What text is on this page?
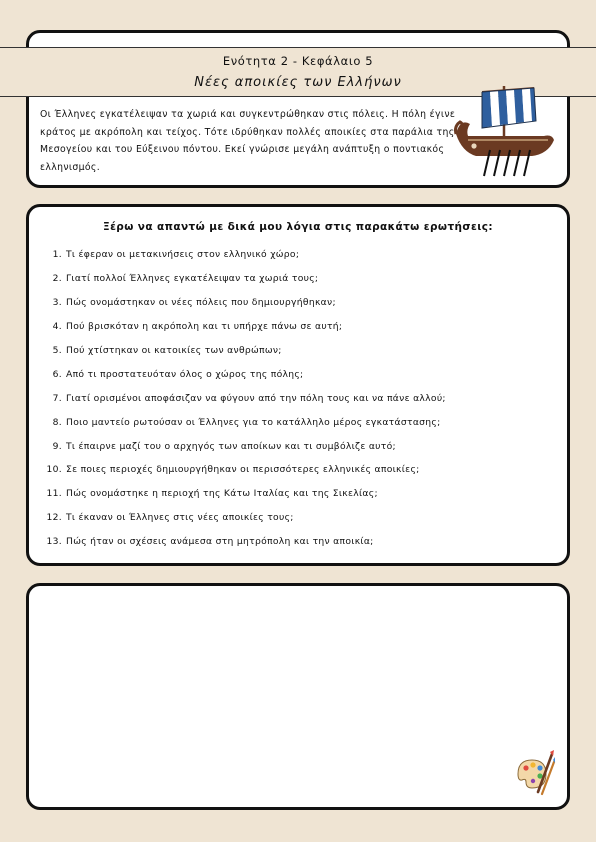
Ενότητα 2 - Κεφάλαιο 5
Νέες αποικίες των Ελλήνων
Οι Έλληνες εγκατέλειψαν τα χωριά και συγκεντρώθηκαν στις πόλεις. Η πόλη έγινε κράτος με ακρόπολη και τείχος. Τότε ιδρύθηκαν πολλές αποικίες στα παράλια της Μεσογείου και του Εύξεινου πόντου. Εκεί γνώρισε μεγάλη ανάπτυξη ο ποντιακός ελληνισμός.
Ξέρω να απαντώ με δικά μου λόγια στις παρακάτω ερωτήσεις:
1. Τι έφεραν οι μετακινήσεις στον ελληνικό χώρο;
2. Γιατί πολλοί Έλληνες εγκατέλειψαν τα χωριά τους;
3. Πώς ονομάστηκαν οι νέες πόλεις που δημιουργήθηκαν;
4. Πού βρισκόταν η ακρόπολη και τι υπήρχε πάνω σε αυτή;
5. Πού χτίστηκαν οι κατοικίες των ανθρώπων;
6. Από τι προστατευόταν όλος ο χώρος της πόλης;
7. Γιατί ορισμένοι αποφάσιζαν να φύγουν από την πόλη τους και να πάνε αλλού;
8. Ποιο μαντείο ρωτούσαν οι Έλληνες για το κατάλληλο μέρος εγκατάστασης;
9. Τι έπαιρνε μαζί του ο αρχηγός των αποίκων και τι συμβόλιζε αυτό;
10. Σε ποιες περιοχές δημιουργήθηκαν οι περισσότερες ελληνικές αποικίες;
11. Πώς ονομάστηκε η περιοχή της Κάτω Ιταλίας και της Σικελίας;
12. Τι έκαναν οι Έλληνες στις νέες αποικίες τους;
13. Πώς ήταν οι σχέσεις ανάμεσα στη μητρόπολη και την αποικία;
